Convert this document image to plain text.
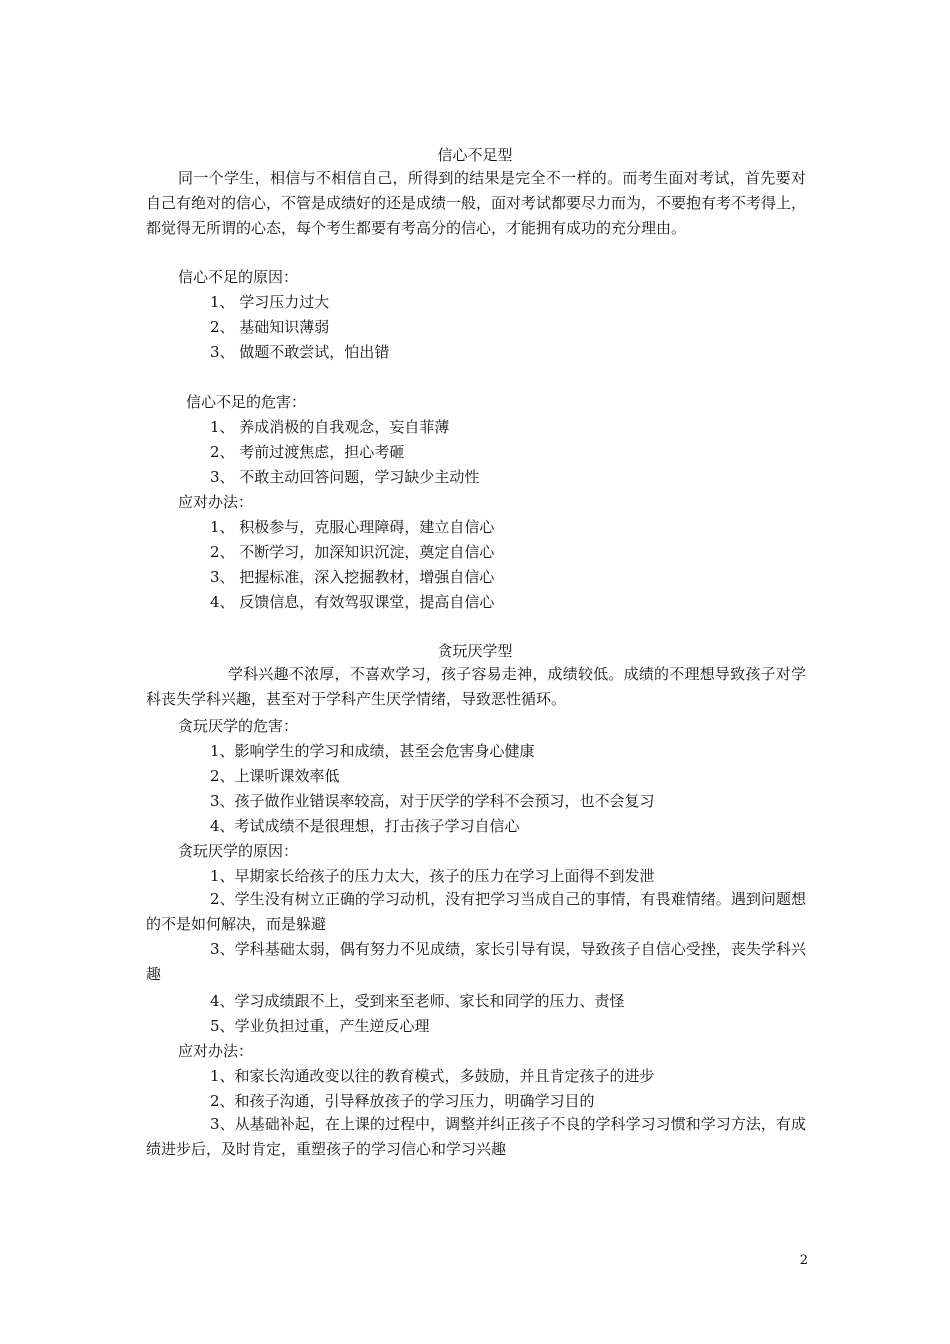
信心不足型

同一个学生，相信与不相信自己，所得到的结果是完全不一样的。而考生面对考试，首先要对自己有绝对的信心，不管是成绩好的还是成绩一般，面对考试都要尽力而为，不要抱有考不考得上，都觉得无所谓的心态，每个考生都要有考高分的信心，才能拥有成功的充分理由。

信心不足的原因：
1、 学习压力过大
2、 基础知识薄弱
3、 做题不敢尝试，怕出错
信心不足的危害：
1、 养成消极的自我观念，妄自菲薄
2、 考前过渡焦虑，担心考砸
3、 不敢主动回答问题，学习缺少主动性
应对办法：
1、 积极参与，克服心理障碍，建立自信心
2、 不断学习，加深知识沉淀，奠定自信心
3、 把握标准，深入挖掘教材，增强自信心
4、 反馈信息，有效驾驭课堂，提高自信心
贪玩厌学型

学科兴趣不浓厚，不喜欢学习，孩子容易走神，成绩较低。成绩的不理想导致孩子对学科丧失学科兴趣，甚至对于学科产生厌学情绪，导致恶性循环。

贪玩厌学的危害：
1、影响学生的学习和成绩，甚至会危害身心健康
2、上课听课效率低
3、孩子做作业错误率较高，对于厌学的学科不会预习，也不会复习
4、考试成绩不是很理想，打击孩子学习自信心
贪玩厌学的原因：
1、早期家长给孩子的压力太大，孩子的压力在学习上面得不到发泄

2、学生没有树立正确的学习动机，没有把学习当成自己的事情，有畏难情绪。遇到问题想的不是如何解决，而是躲避

3、学科基础太弱，偶有努力不见成绩，家长引导有误，导致孩子自信心受挫，丧失学科兴趣

4、学习成绩跟不上，受到来至老师、家长和同学的压力、责怪
5、学业负担过重，产生逆反心理
应对办法：
1、和家长沟通改变以往的教育模式，多鼓励，并且肯定孩子的进步
2、和孩子沟通，引导释放孩子的学习压力，明确学习目的

3、从基础补起，在上课的过程中，调整并纠正孩子不良的学科学习习惯和学习方法，有成绩进步后，及时肯定，重塑孩子的学习信心和学习兴趣

2
